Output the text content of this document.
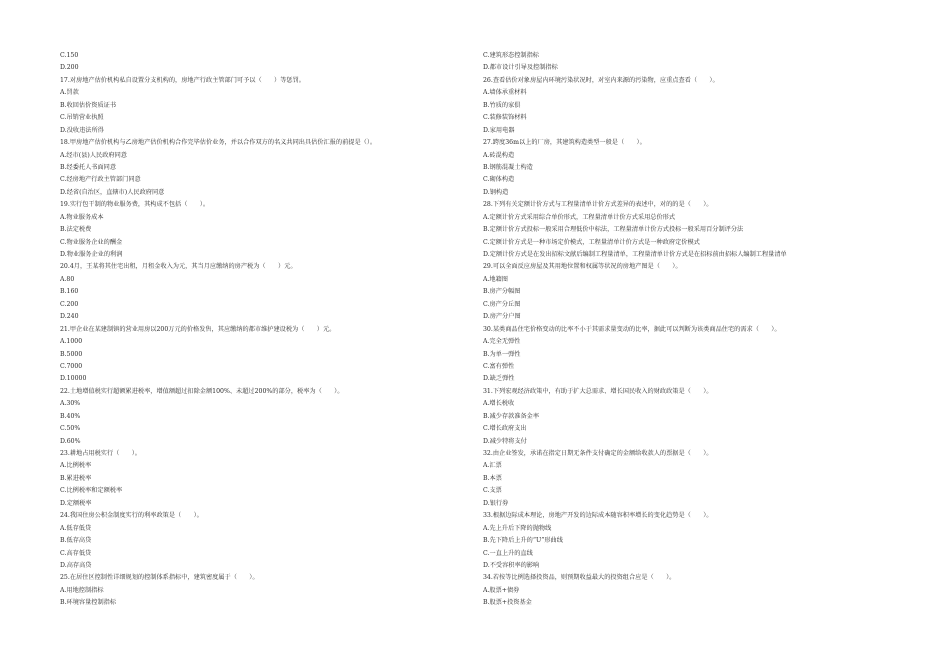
C.150
D.200
17.对房地产估价机构私自设置分支机构的，房地产行政主管部门可予以（　　）等惩罚。
A.罚款
B.收回估价资质证书
C.吊销营业执照
D.没收违法所得
18.甲房地产估价机构与乙房地产估价机构合作完毕估价业务，并以合作双方的名义共同出具估价汇报的前提是（）。
A.经市(县)人民政府同意
B.经委托人书面同意
C.经房地产行政主管部门同意
D.经省(自治区，直辖市)人民政府同意
19.实行包干制的物业服务费，其构成不包括（　　）。
A.物业服务成本
B.法定税费
C.物业服务企业的酬金
D.物业服务企业的利润
20.4月，王某将其住宅出租，月租金收入为元，其当月应缴纳的房产税为（　　）元。
A.80
B.160
C.200
D.240
21.甲企业在某建制镇的营业用房以200万元的价格发售，其应缴纳的都市维护建设税为（　　）元。
A.1000
B.5000
C.7000
D.10000
22.土地增值税实行超额累进税率，增值额超过扣除金额100%、未超过200%的部分，税率为（　　）。
A.30%
B.40%
C.50%
D.60%
23.耕地占用税实行（　　）。
A.比例税率
B.累进税率
C.比例税率和定额税率
D.定额税率
24.我国住房公积金制度实行的利率政策是（　　）。
A.低存低贷
B.低存高贷
C.高存低贷
D.高存高贷
25.在居住区控制性详细规划的控制体系指标中，建筑密度属于（　　）。
A.用地控制指标
B.环境容量控制指标
C.建筑形态控制指标
D.都市设计引导及控制指标
26.查看估价对象房屋内环境污染状况时，对室内来源的污染物，应重点查看（　　）。
A.墙体承重材料
B.竹质的家俱
C.装修装饰材料
D.家用电器
27.跨度36m以上的厂房，其建筑构造类型一般是（　　）。
A.砖混构造
B.钢筋混凝土构造
C.砌体构造
D.钢构造
28.下列有关定额计价方式与工程量清单计价方式差异的表述中，对的的是（　　）。
A.定额计价方式采用综合单价形式，工程量清单计价方式采用总价形式
B.定额计价方式投标一般采用合理低价中标法，工程量清单计价方式投标一般采用百分制评分法
C.定额计价方式是一种市场定价模式，工程量清单计价方式是一种政府定价模式
D.定额计价方式是在发出招标文献后编制工程量清单，工程量清单计价方式是在招标前由招标人编制工程量清单
29.可以全面反应房屋及其用地位置和权属等状况的房地产图是（　　）。
A.地籍图
B.房产分幅图
C.房产分丘图
D.房产分户图
30.某类商品住宅价格变动的比率不小于其需求量变动的比率，据此可以判断为该类商品住宅的需求（　　）。
A.完全无弹性
B.为单一弹性
C.富有弹性
D.缺乏弹性
31.下列宏观经济政策中，有助于扩大总需求、增长国民收入的财政政策是（　　）。
A.增长税收
B.减少存款准备金率
C.增长政府支出
D.减少特将支付
32.由企业签发，承诺在指定日期无条件支付确定的金额给收款人的票据是（　　）。
A.汇票
B.本票
C.支票
D.银行券
33.根据边际成本理论，房地产开发的边际成本随容积率增长的变化趋势是（　　）。
A.先上升后下降的抛物线
B.先下降后上升的“U”形曲线
C.一直上升的直线
D.不受容积率的影响
34.若按等比例选择投资品，则预期收益最大的投资组合应是（　　）。
A.股票+债券
B.股票+投资基金
